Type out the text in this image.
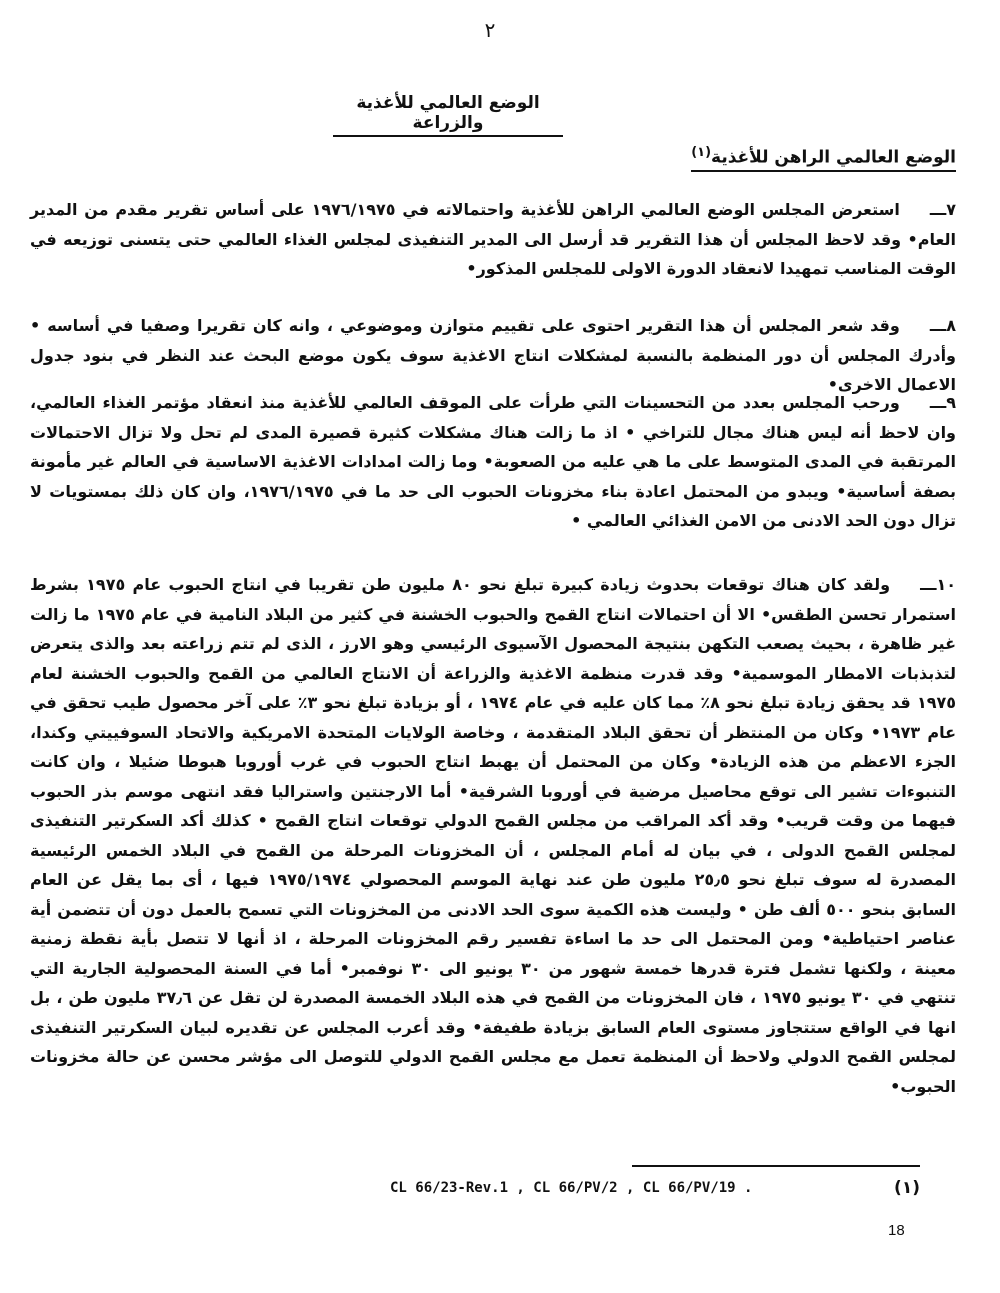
٢
الوضع العالمي للأغذية والزراعة
الوضع العالمي الراهن للأغذية$^{(١)}$

٧ـــاستعرض المجلس الوضع العالمي الراهن للأغذية واحتمالاته في ١٩٧٦/١٩٧٥ على أساس تقرير مقدم من المدير العام• وقد لاحظ المجلس أن هذا التقرير قد أرسل الى المدير التنفيذى لمجلس الغذاء العالمي حتى يتسنى توزيعه في الوقت المناسب تمهيدا لانعقاد الدورة الاولى للمجلس المذكور•

٨ـــوقد شعر المجلس أن هذا التقرير احتوى على تقييم متوازن وموضوعي ، وانه كان تقريرا وصفيا في أساسه • وأدرك المجلس أن دور المنظمة بالنسبة لمشكلات انتاج الاغذية سوف يكون موضع البحث عند النظر في بنود جدول الاعمال الاخرى•

٩ـــورحب المجلس بعدد من التحسينات التي طرأت على الموقف العالمي للأغذية منذ انعقاد مؤتمر الغذاء العالمي، وان لاحظ أنه ليس هناك مجال للتراخي • اذ ما زالت هناك مشكلات كثيرة قصيرة المدى لم تحل ولا تزال الاحتمالات المرتقبة في المدى المتوسط على ما هي عليه من الصعوبة• وما زالت امدادات الاغذية الاساسية في العالم غير مأمونة بصفة أساسية• ويبدو من المحتمل اعادة بناء مخزونات الحبوب الى حد ما في ١٩٧٦/١٩٧٥، وان كان ذلك بمستويات لا تزال دون الحد الادنى من الامن الغذائي العالمي •

١٠ـــولقد كان هناك توقعات بحدوث زيادة كبيرة تبلغ نحو ٨٠ مليون طن تقريبا في انتاج الحبوب عام ١٩٧٥ بشرط استمرار تحسن الطقس• الا أن احتمالات انتاج القمح والحبوب الخشنة في كثير من البلاد النامية في عام ١٩٧٥ ما زالت غير ظاهرة ، بحيث يصعب التكهن بنتيجة المحصول الآسيوى الرئيسي وهو الارز ، الذى لم تتم زراعته بعد والذى يتعرض لتذبذبات الامطار الموسمية• وقد قدرت منظمة الاغذية والزراعة أن الانتاج العالمي من القمح والحبوب الخشنة لعام ١٩٧٥ قد يحقق زيادة تبلغ نحو ٨٪ مما كان عليه في عام ١٩٧٤ ، أو بزيادة تبلغ نحو ٣٪ على آخر محصول طيب تحقق في عام ١٩٧٣• وكان من المنتظر أن تحقق البلاد المتقدمة ، وخاصة الولايات المتحدة الامريكية والاتحاد السوفييتي وكندا، الجزء الاعظم من هذه الزيادة• وكان من المحتمل أن يهبط انتاج الحبوب في غرب أوروبا هبوطا ضئيلا ، وان كانت التنبوءات تشير الى توقع محاصيل مرضية في أوروبا الشرقية• أما الارجنتين واستراليا فقد انتهى موسم بذر الحبوب فيهما من وقت قريب• وقد أكد المراقب من مجلس القمح الدولي توقعات انتاج القمح • كذلك أكد السكرتير التنفيذى لمجلس القمح الدولى ، في بيان له أمام المجلس ، أن المخزونات المرحلة من القمح في البلاد الخمس الرئيسية المصدرة له سوف تبلغ نحو ٢٥٫٥ مليون طن عند نهاية الموسم المحصولي ١٩٧٥/١٩٧٤ فيها ، أى بما يقل عن العام السابق بنحو ٥٠٠ ألف طن • وليست هذه الكمية سوى الحد الادنى من المخزونات التي تسمح بالعمل دون أن تتضمن أية عناصر احتياطية• ومن المحتمل الى حد ما اساءة تفسير رقم المخزونات المرحلة ، اذ أنها لا تتصل بأية نقطة زمنية معينة ، ولكنها تشمل فترة قدرها خمسة شهور من ٣٠ يونيو الى ٣٠ نوفمبر• أما في السنة المحصولية الجارية التي تنتهي في ٣٠ يونيو ١٩٧٥ ، فان المخزونات من القمح في هذه البلاد الخمسة المصدرة لن تقل عن ٣٧٫٦ مليون طن ، بل انها في الواقع ستتجاوز مستوى العام السابق بزيادة طفيفة• وقد أعرب المجلس عن تقديره لبيان السكرتير التنفيذى لمجلس القمح الدولي ولاحظ أن المنظمة تعمل مع مجلس القمح الدولي للتوصل الى مؤشر محسن عن حالة مخزونات الحبوب•

CL 66/23-Rev.1 , CL 66/PV/2 , CL 66/PV/19 .	(١)
18
